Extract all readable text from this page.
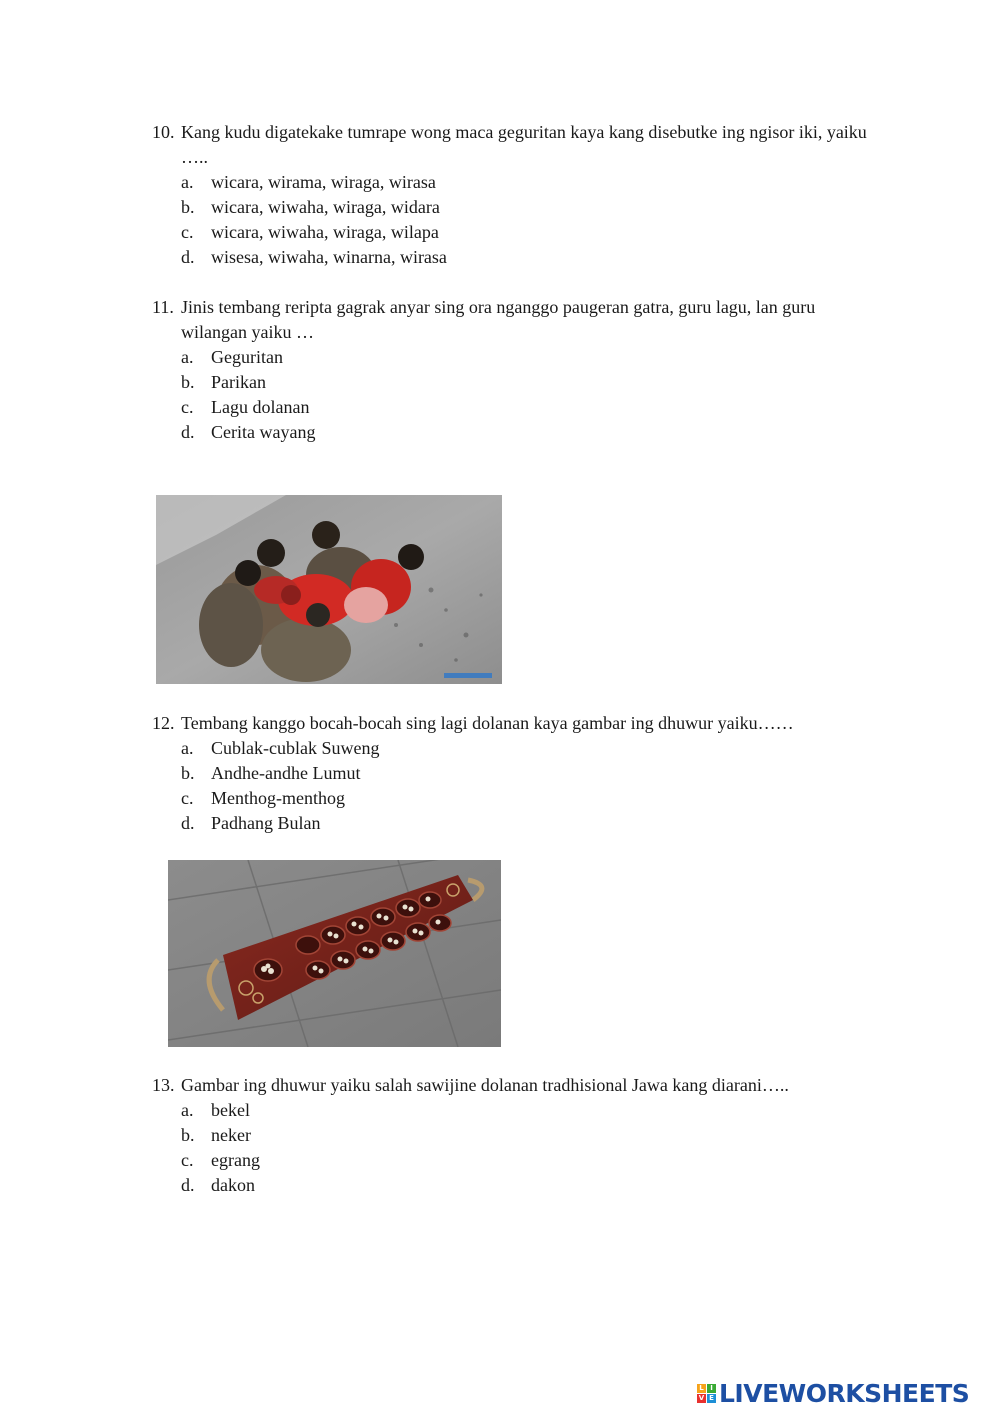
10. Kang kudu digatekake tumrape wong maca geguritan kaya kang disebutke ing ngisor iki, yaiku …..
a. wicara, wirama, wiraga, wirasa
b. wicara, wiwaha, wiraga, widara
c. wicara, wiwaha, wiraga, wilapa
d. wisesa, wiwaha, winarna, wirasa
11. Jinis tembang reripta gagrak anyar sing ora nganggo paugeran gatra, guru lagu, lan guru wilangan yaiku …
a. Geguritan
b. Parikan
c. Lagu dolanan
d. Cerita wayang
12. Tembang kanggo bocah-bocah sing lagi dolanan kaya gambar ing dhuwur yaiku……
a. Cublak-cublak Suweng
b. Andhe-andhe Lumut
c. Menthog-menthog
d. Padhang Bulan
13. Gambar ing dhuwur yaiku salah sawijine dolanan tradhisional Jawa kang diarani…..
a. bekel
b. neker
c. egrang
d. dakon
L I
V E LIVEWORKSHEETS
